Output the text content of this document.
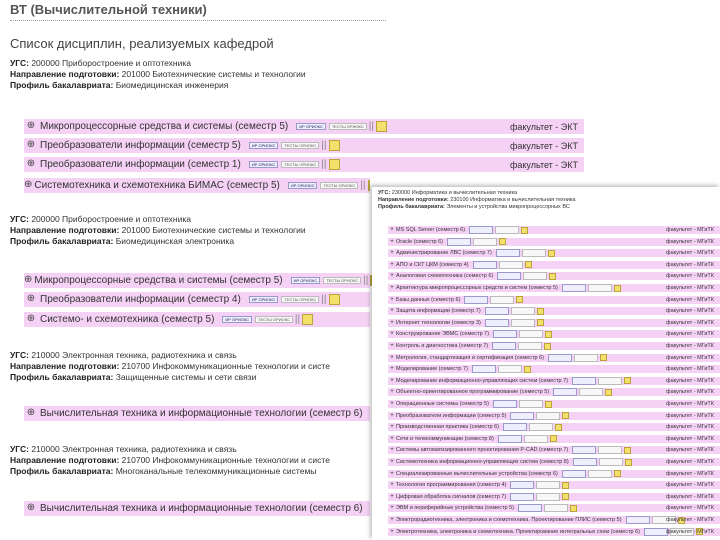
ВТ (Вычислительной техники)
Список дисциплин, реализуемых кафедрой
УГС: 200000 Приборостроение и оптотехника
Направление подготовки: 201000 Биотехнические системы и технологии
Профиль бакалавриата: Биомедицинская инженерия
⊕ Микропроцессорные средства и системы (семестр 5)	ИР ОРИОКС	ТЕСТЫ ОРИОКС ||	факультет - ЭКТ
⊕ Преобразователи информации (семестр 5)	ИР ОРИОКС	ТЕСТЫ ОРИОКС ||	факультет - ЭКТ
⊕ Преобразователи информации (семестр 1)	ИР ОРИОКС	ТЕСТЫ ОРИОКС ||	факультет - ЭКТ
⊕ Системотехника и схемотехника БИМАС (семестр 5)	ИР ОРИОКС	ТЕСТЫ ОРИОКС ||
УГС: 200000 Приборостроение и оптотехника
Направление подготовки: 201000 Биотехнические системы и технологии
Профиль бакалавриата: Биомедицинская электроника
⊕ Микропроцессорные средства и системы (семестр 5)	ИР ОРИОКС	ТЕСТЫ ОРИОКС ||
⊕ Преобразователи информации (семестр 4)	ИР ОРИОКС	ТЕСТЫ ОРИОКС ||
⊕ Системо- и схемотехника (семестр 5)	ИР ОРИОКС	ТЕСТЫ ОРИОКС ||
УГС: 210000 Электронная техника, радиотехника и связь
Направление подготовки: 210700 Инфокоммуникационные технологии и систе
Профиль бакалавриата: Защищенные системы и сети связи
⊕ Вычислительная техника и информационные технологии (семестр 6)
УГС: 210000 Электронная техника, радиотехника и связь
Направление подготовки: 210700 Инфокоммуникационные технологии и систе
Профиль бакалавриата: Многоканальные телекоммуникационные системы
⊕ Вычислительная техника и информационные технологии (семестр 6)
УГС: 230000 Информатика и вычислительная техника
Направление подготовки: 230100 Информатика и вычислительная техника
Профиль бакалавриата: Элементы и устройства микропроцессорных ВС
+ MS SQL Server (семестр 6)	факультет - МГиТК
+ Oracle (семестр 6)	факультет - МГиТК
+ Администрирование ЛВС (семестр 7)	факультет - МГиТК
+ АПО и СКТ ЦКМ (семестр 4)	факультет - МГиТК
+ Аналоговая схемотехника (семестр 6)	факультет - МГиТК
+ Архитектура микропроцессорных средств и систем (семестр 5)	факультет - МГиТК
+ Базы данных (семестр 6)	факультет - МГиТК
+ Защита информации (семестр 7)	факультет - МГиТК
+ Интернет технологии (семестр 3)	факультет - МГиТК
+ Конструирование ЭВМС (семестр 7)	факультет - МГиТК
+ Контроль и диагностика (семестр 7)	факультет - МГиТК
+ Метрология, стандартизация и сертификация (семестр 6)	факультет - МГиТК
+ Моделирование (семестр 7)	факультет - МГиТК
+ Моделирование информационно-управляющих систем (семестр 7)	факультет - МГиТК
+ Объектно-ориентированное программирование (семестр 5)	факультет - МГиТК
+ Операционные системы (семестр 5)	факультет - МГиТК
+ Преобразователи информации (семестр 5)	факультет - МГиТК
+ Производственная практика (семестр 6)	факультет - МГиТК
+ Сети и телекоммуникации (семестр 8)	факультет - МГиТК
+ Системы автоматизированного проектирования P-CAD (семестр 7)	факультет - МГиТК
+ Системотехника информационно-управляющих систем (семестр 8)	факультет - МГиТК
+ Специализированные вычислительные устройства (семестр 6)	факультет - МГиТК
+ Технология программирования (семестр 4)	факультет - МГиТК
+ Цифровая обработка сигналов (семестр 7)	факультет - МГиТК
+ ЭВМ и периферийные устройства (семестр 5)	факультет - МГиТК
+ Электрорадиотехника, электроника и схемотехника. Проектирование ПЛИС (семестр 5)	факультет - МГиТК
+ Электротехника, электроника и схемотехника. Проектирование интегральных схем (семестр 6)	факультет - МГиТК
